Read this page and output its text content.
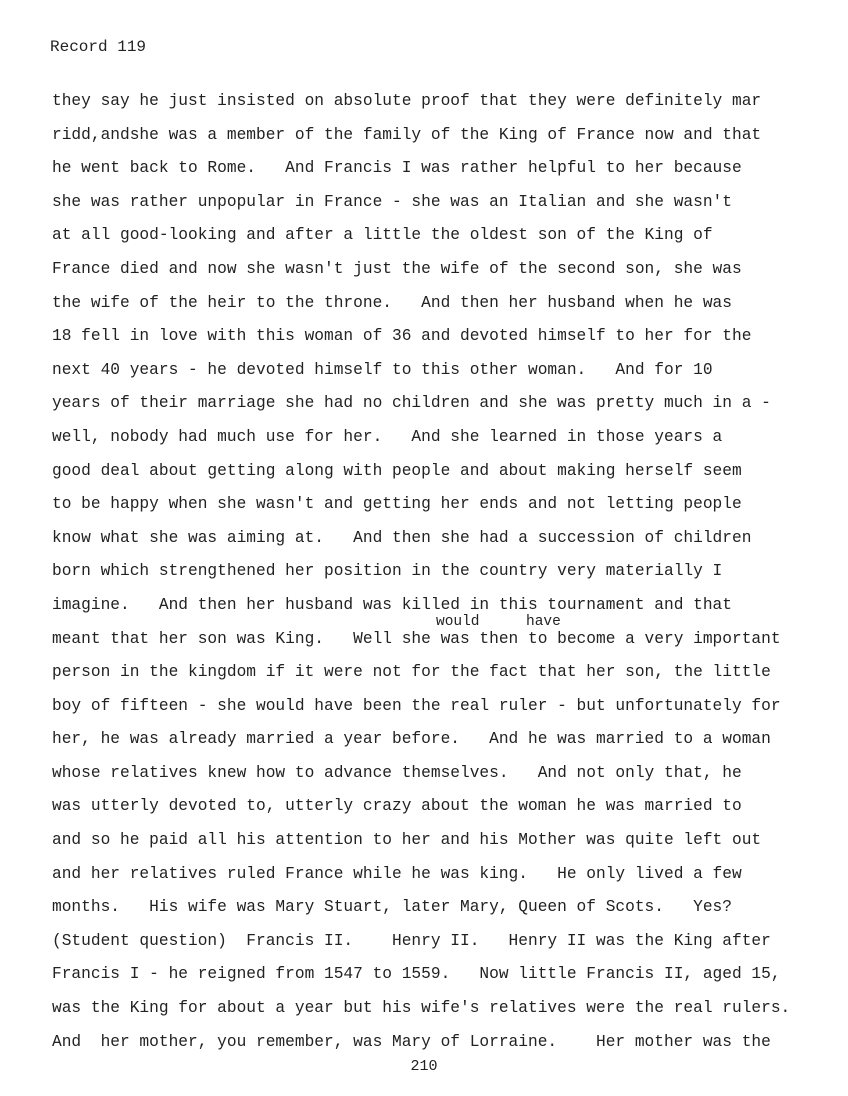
Record 119
would	have
they say he just insisted on absolute proof that they were definitely mar
ridd,andshe was a member of the family of the King of France now and that
he went back to Rome.   And Francis I was rather helpful to her because
she was rather unpopular in France - she was an Italian and she wasn't
at all good-looking and after a little the oldest son of the King of
France died and now she wasn't just the wife of the second son, she was
the wife of the heir to the throne.   And then her husband when he was
18 fell in love with this woman of 36 and devoted himself to her for the
next 40 years - he devoted himself to this other woman.   And for 10
years of their marriage she had no children and she was pretty much in a -
well, nobody had much use for her.   And she learned in those years a
good deal about getting along with people and about making herself seem
to be happy when she wasn't and getting her ends and not letting people
know what she was aiming at.   And then she had a succession of children
born which strengthened her position in the country very materially I
imagine.   And then her husband was killed in this tournament and that
meant that her son was King.   Well she was then to become a very important
person in the kingdom if it were not for the fact that her son, the little
boy of fifteen - she would have been the real ruler - but unfortunately for
her, he was already married a year before.   And he was married to a woman
whose relatives knew how to advance themselves.   And not only that, he
was utterly devoted to, utterly crazy about the woman he was married to
and so he paid all his attention to her and his Mother was quite left out
and her relatives ruled France while he was king.   He only lived a few
months.   His wife was Mary Stuart, later Mary, Queen of Scots.   Yes?
(Student question)  Francis II.    Henry II.   Henry II was the King after
Francis I - he reigned from 1547 to 1559.   Now little Francis II, aged 15,
was the King for about a year but his wife's relatives were the real rulers.
And  her mother, you remember, was Mary of Lorraine.    Her mother was the
210
